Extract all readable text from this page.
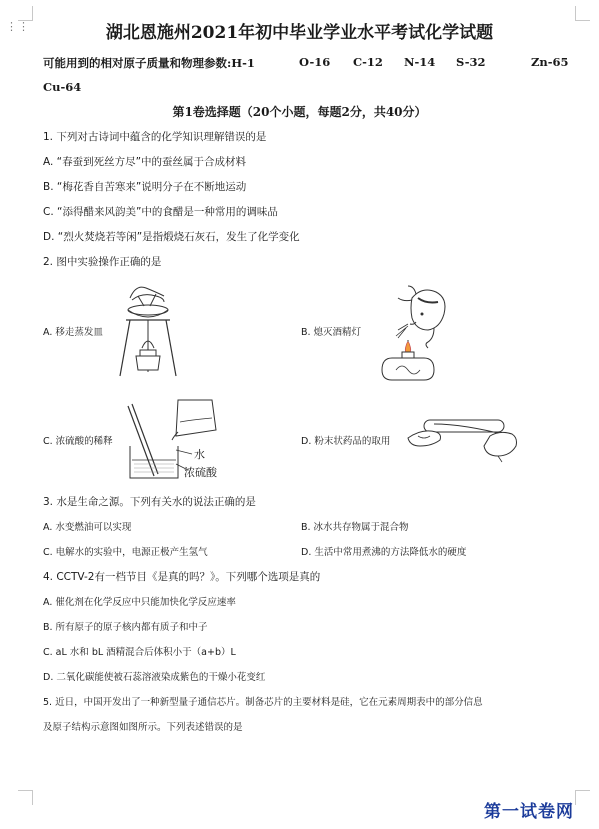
⋮⋮	湖北恩施州2021年初中毕业学业水平考试化学试题
可能用到的相对原子质量和物理参数:H-1	O-16 C-12 N-14 S-32	Zn-65
Cu-64
第1卷选择题（20个小题，每题2分，共40分）
1. 下列对古诗词中蕴含的化学知识理解错误的是
A. “春蚕到死丝方尽”中的蚕丝属于合成材料
B. “梅花香自苦寒来”说明分子在不断地运动
C. “添得醋来风韵美”中的食醋是一种常用的调味品
D. “烈火焚烧若等闲”是指煅烧石灰石，发生了化学变化
2. 图中实验操作正确的是
A. 移走蒸发皿	B. 熄灭酒精灯
C. 浓硫酸的稀释	D. 粉末状药品的取用
水
浓硫酸
3. 水是生命之源。下列有关水的说法正确的是
A. 水变燃油可以实现	B. 冰水共存物属于混合物
C. 电解水的实验中，电源正极产生氢气	D. 生活中常用煮沸的方法降低水的硬度
4. CCTV-2有一档节目《是真的吗？》。下列哪个选项是真的
A. 催化剂在化学反应中只能加快化学反应速率
B. 所有原子的原子核内都有质子和中子
C. aL 水和 bL 酒精混合后体积小于（a+b）L
D. 二氧化碳能使被石蕊溶液染成紫色的干燥小花变红
5. 近日，中国开发出了一种新型量子通信芯片。制备芯片的主要材料是硅，它在元素周期表中的部分信息
及原子结构示意图如图所示。下列表述错误的是
第一试卷网
